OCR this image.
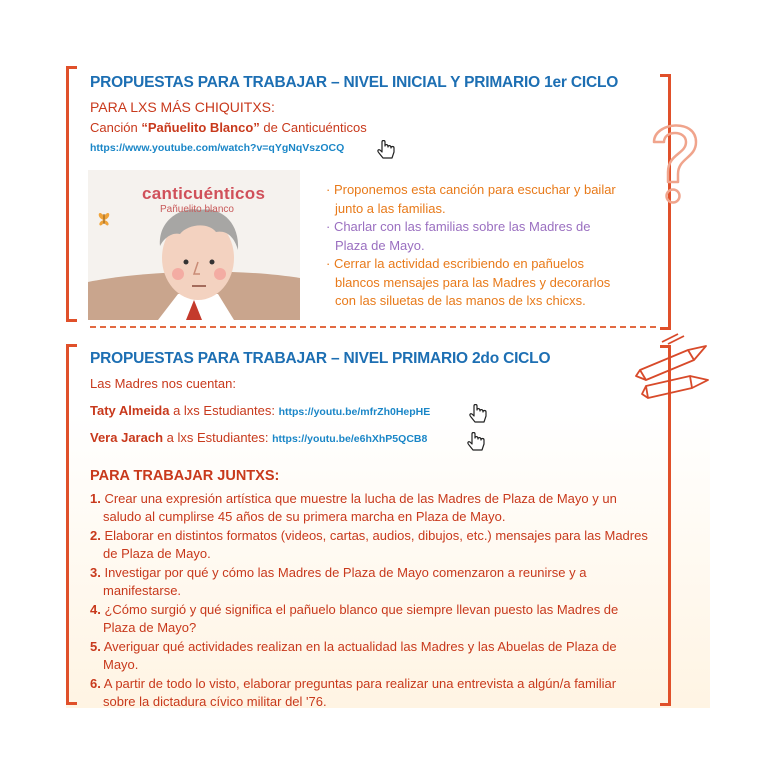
PROPUESTAS PARA TRABAJAR – NIVEL INICIAL Y PRIMARIO 1er CICLO
PARA LXS MÁS CHIQUITXS:
Canción “Pañuelito Blanco” de Canticuénticos
https://www.youtube.com/watch?v=qYgNqVszOCQ
canticuénticos
Pañuelito blanco
· Proponemos esta canción para escuchar y bailar junto a las familias.
· Charlar con las familias sobre las Madres de Plaza de Mayo.
· Cerrar la actividad escribiendo en pañuelos blancos mensajes para las Madres y decorarlos con las siluetas de las manos de lxs chicxs.
PROPUESTAS PARA TRABAJAR – NIVEL PRIMARIO 2do CICLO
Las Madres nos cuentan:
Taty Almeida a lxs Estudiantes: https://youtu.be/mfrZh0HepHE
Vera Jarach a lxs Estudiantes: https://youtu.be/e6hXhP5QCB8
PARA TRABAJAR JUNTXS:
1. Crear una expresión artística que muestre la lucha de las Madres de Plaza de Mayo y un saludo al cumplirse 45 años de su primera marcha en Plaza de Mayo.
2. Elaborar en distintos formatos (videos, cartas, audios, dibujos, etc.) mensajes para las Madres de Plaza de Mayo.
3. Investigar por qué y cómo las Madres de Plaza de Mayo comenzaron a reunirse y a manifestarse.
4. ¿Cómo surgió y qué significa el pañuelo blanco que siempre llevan puesto las Madres de Plaza de Mayo?
5. Averiguar qué actividades realizan en la actualidad las Madres y las Abuelas de Plaza de Mayo.
6. A partir de todo lo visto, elaborar preguntas para realizar una entrevista a algún/a familiar sobre la dictadura cívico militar del '76.
